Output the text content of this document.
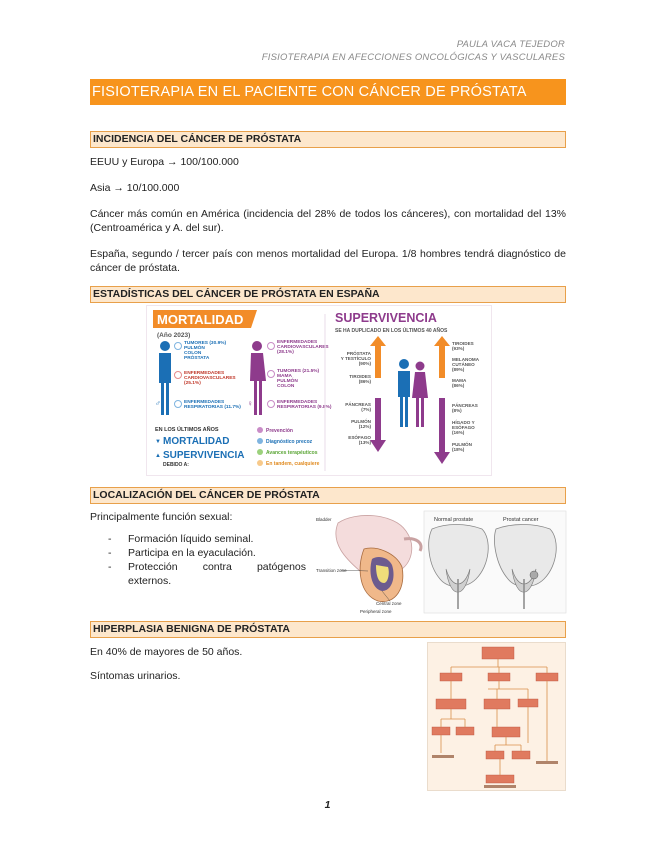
PAULA VACA TEJEDOR
FISIOTERAPIA EN AFECCIONES ONCOLÓGICAS Y VASCULARES
FISIOTERAPIA EN EL PACIENTE CON CÁNCER DE PRÓSTATA
INCIDENCIA DEL CÁNCER DE PRÓSTATA
EEUU y Europa → 100/100.000
Asia → 10/100.000
Cáncer más común en América (incidencia del 28% de todos los cánceres), con mortalidad del 13% (Centroamérica y A. del sur).
España, segundo / tercer país con menos mortalidad del Europa. 1/8 hombres tendrá diagnóstico de cáncer de próstata.
ESTADÍSTICAS DEL CÁNCER DE PRÓSTATA EN ESPAÑA
MORTALIDAD
(Año 2023)
♂
TUMORES (30.9%)
PULMÓN
COLON
PRÓSTATA
ENFERMEDADES
CARDIOVASCULARES
(25.1%)
ENFERMEDADES
RESPIRATORIAS (11.7%) ♀
ENFERMEDADES
CARDIOVASCULARES
(28.1%)
TUMORES (21.5%)
MAMA
PULMÓN
COLON
ENFERMEDADES
RESPIRATORIAS (9.8%)
EN LOS ÚLTIMOS AÑOS
▼ MORTALIDAD
▲ SUPERVIVENCIA
DEBIDO A:
Prevención
Diagnóstico precoz
Avances terapéuticos
En tandem, cualquiere
SUPERVIVENCIA
SE HA DUPLICADO EN LOS ÚLTIMOS 40 AÑOS
PRÓSTATA
Y TESTÍCULO
(90%)
TIROIDES
(86%)
PÁNCREAS
(7%)
PULMÓN
(12%)
ESÓFAGO
(13%)
TIROIDES
(93%)
MELANOMA
CUTÁNEO
(89%)
MAMA
(86%)
PÁNCREAS
(8%)
HÍGADO Y
ESÓFAGO
(16%)
PULMÓN
(18%)
LOCALIZACIÓN DEL CÁNCER DE PRÓSTATA
Principalmente función sexual:
-	Formación líquido seminal.
-	Participa en la eyaculación.
-	Protección contra patógenos externos.
Bladder
Transition zone
Central zone
Peripheral zone
Normal prostate	Prostat cancer
HIPERPLASIA BENIGNA DE PRÓSTATA
En 40% de mayores de 50 años.
Síntomas urinarios.
1
